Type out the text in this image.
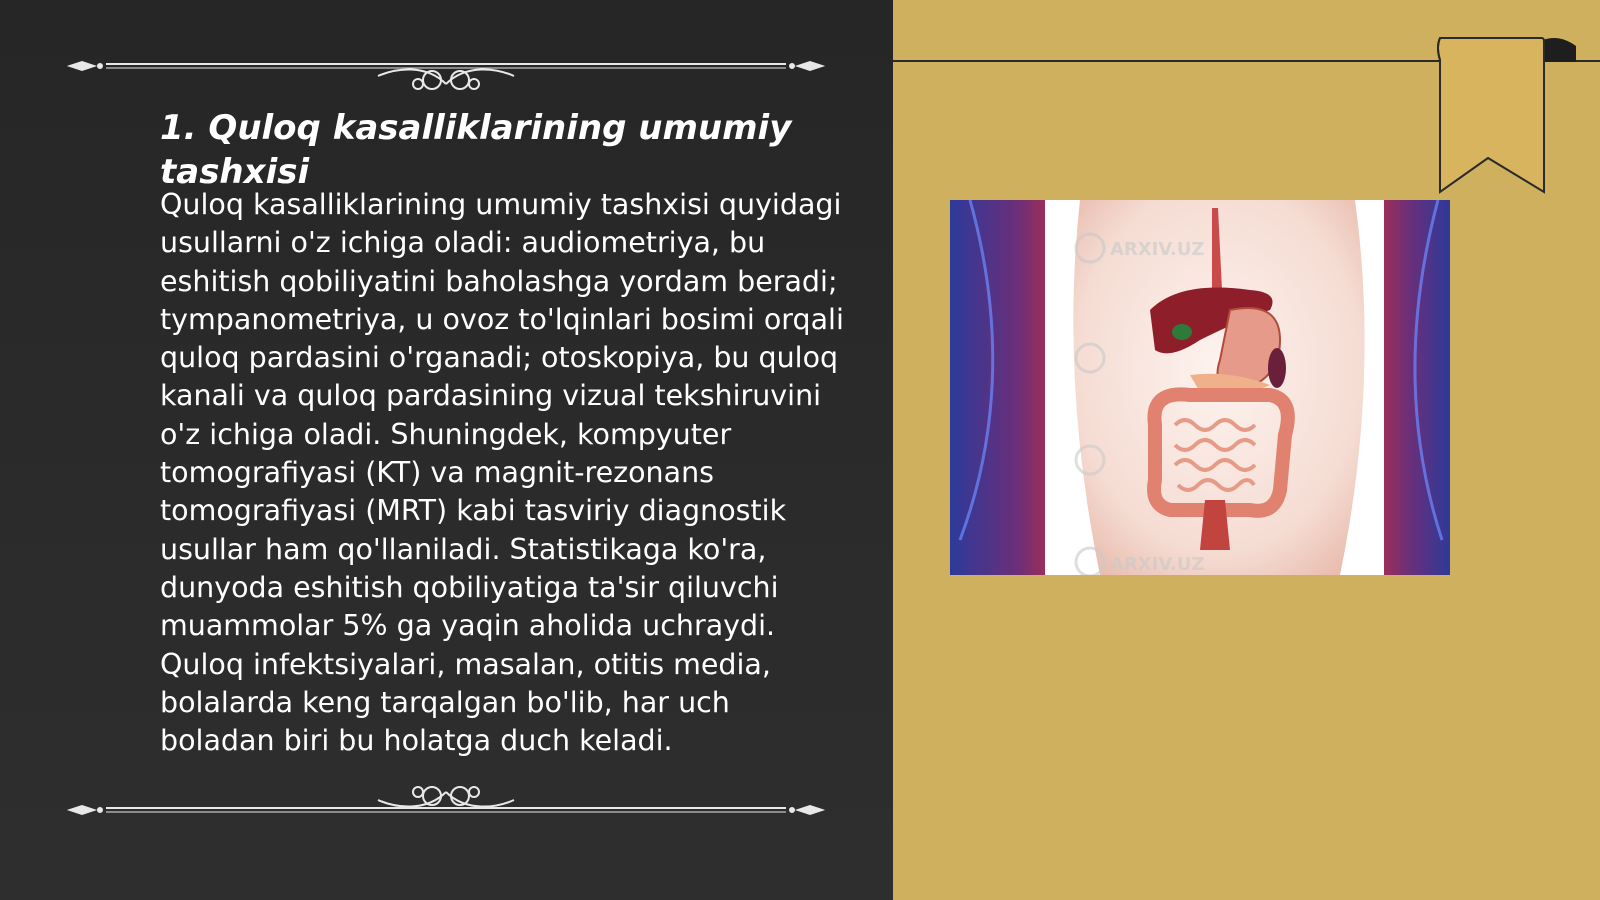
1. Quloq kasalliklarining umumiy tashxisi

Quloq kasalliklarining umumiy tashxisi quyidagi usullarni o'z ichiga oladi: audiometriya, bu eshitish qobiliyatini baholashga yordam beradi; tympanometriya, u ovoz to'lqinlari bosimi orqali quloq pardasini o'rganadi; otoskopiya, bu quloq kanali va quloq pardasining vizual tekshiruvini o'z ichiga oladi. Shuningdek, kompyuter tomografiyasi (KT) va magnit-rezonans tomografiyasi (MRT) kabi tasviriy diagnostik usullar ham qo'llaniladi. Statistikaga ko'ra, dunyoda eshitish qobiliyatiga ta'sir qiluvchi muammolar 5% ga yaqin aholida uchraydi. Quloq infektsiyalari, masalan, otitis media, bolalarda keng tarqalgan bo'lib, har uch boladan biri bu holatga duch keladi.

ARXIV.UZ
ARXIV.UZ
